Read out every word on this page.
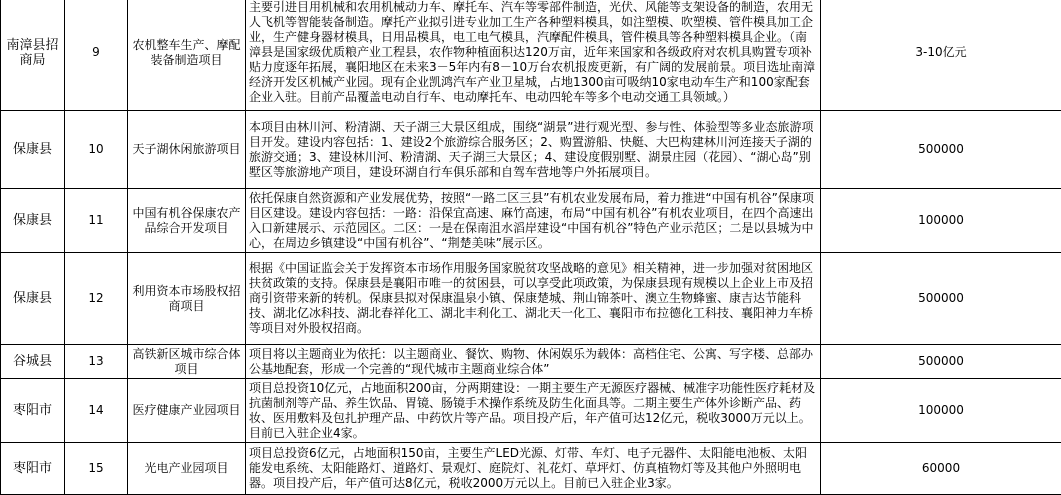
南漳县招商局	9	农机整车生产、摩配装备制造项目	主要引进目用机械和农用机械动力车、摩托车、汽车等零部件制造，光伏、风能等支架设备的制造，农用无人飞机等智能装备制造。摩托产业拟引进专业加工生产各种塑料模具，如注塑模、吹塑模、管件模具加工企业，生产健身器材模具，日用品模具，电工电气模具，汽摩配件模具，管件模具等各种塑料模具企业。（南漳县是国家级优质粮产业工程县，农作物种植面积达120万亩，近年来国家和各级政府对农机具购置专项补贴力度逐年拓展，襄阳地区在未来3－5年内有8－10万台农机报废更新，有广阔的发展前景。项目选址南漳经济开发区机械产业园。现有企业凯鸿汽车产业卫星城，占地1300亩可吸纳10家电动车生产和100家配套企业入驻。目前产品覆盖电动自行车、电动摩托车、电动四轮车等多个电动交通工具领域。）	3-10亿元
保康县	10	天子湖休闲旅游项目	本项目由林川河、粉清湖、天子湖三大景区组成，围绕“湖景”进行观光型、参与性、体验型等多业态旅游项目开发。建设内容包括：1、建设2个旅游综合服务区；2、购置游船、快艇、大巴构建林川河连接天子湖的旅游交通；3、建设林川河、粉清湖、天子湖三大景区；4、建设度假别墅、湖景庄园（花园）、“湖心岛”别墅区等旅游地产项目，建设环湖自行车俱乐部和自驾车营地等户外拓展项目。	500000
保康县	11	中国有机谷保康农产品综合开发项目	依托保康自然资源和产业发展优势，按照“一路二区三县”有机农业发展布局，着力推进“中国有机谷”保康项目区建设。建设内容包括：一路：沿保宜高速、麻竹高速，布局“中国有机谷”有机农业项目，在四个高速出入口新建展示、示范园区。二区：一是在保南沮水滔岸建设“中国有机谷”特色产业示范区；二是以县城为中心，在周边乡镇建设“中国有机谷”、“荆楚美味”展示区。	100000
保康县	12	利用资本市场股权招商项目	根据《中国证监会关于发挥资本市场作用服务国家脱贫攻坚战略的意见》相关精神，进一步加强对贫困地区扶贫政策的支持。保康县是襄阳市唯一的贫困县，可以享受此项政策，为保康县现有规模以上企业上市及招商引资带来新的转机。保康县拟对保康温泉小镇、保康楚城、荆山锦茶叶、澳立生物蜂蜜、康吉达节能科技、湖北亿冰科技、湖北春祥化工、湖北丰利化工、湖北天一化工、襄阳市布拉德化工科技、襄阳神力车桥等项目对外股权招商。	500000
谷城县	13	高铁新区城市综合体项目	项目将以主题商业为依托：以主题商业、餐饮、购物、休闲娱乐为载体：高档住宅、公寓、写字楼、总部办公基地配套，形成一个完善的“现代城市主题商业综合体”	500000
枣阳市	14	医疗健康产业园项目	项目总投资10亿元，占地面积200亩，分两期建设：一期主要生产无源医疗器械、械准字功能性医疗耗材及抗菌制剂等产品、养生饮品、胃镜、肠镜手术操作系统及防生化面具等。二期主要生产体外诊断产品、药妆、医用敷料及包扎护理产品、中药饮片等产品。项目投产后，年产值可达12亿元，税收3000万元以上。目前已入驻企业4家。	100000
枣阳市	15	光电产业园项目	项目总投资6亿元，占地面积150亩，主要生产LED光源、灯带、车灯、电子元器件、太阳能电池板、太阳能发电系统、太阳能路灯、道路灯、景观灯、庭院灯、礼花灯、草坪灯、仿真植物灯等及其他户外照明电器。项目投产后，年产值可达8亿元，税收2000万元以上。目前已入驻企业3家。	60000
